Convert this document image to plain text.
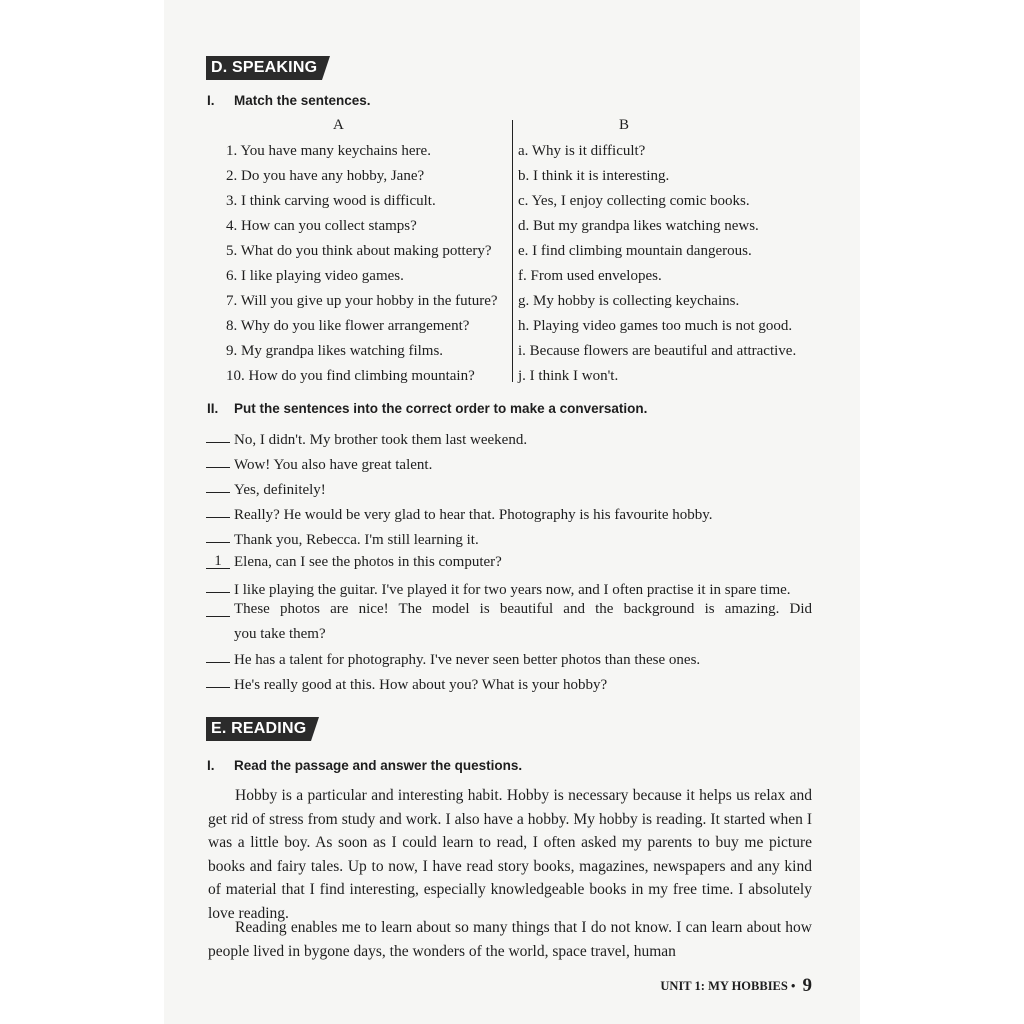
D. SPEAKING
I. Match the sentences.
A	B
1. You have many keychains here.	a. Why is it difficult?
2. Do you have any hobby, Jane?	b. I think it is interesting.
3. I think carving wood is difficult.	c. Yes, I enjoy collecting comic books.
4. How can you collect stamps?	d. But my grandpa likes watching news.
5. What do you think about making pottery? e. I find climbing mountain dangerous.
6. I like playing video games.	f. From used envelopes.
7. Will you give up your hobby in the future? g. My hobby is collecting keychains.
8. Why do you like flower arrangement?	h. Playing video games too much is not good.
9. My grandpa likes watching films.	i. Because flowers are beautiful and attractive.
10. How do you find climbing mountain?	j. I think I won't.
II. Put the sentences into the correct order to make a conversation.
No, I didn't. My brother took them last weekend.
Wow! You also have great talent.
Yes, definitely!
Really? He would be very glad to hear that. Photography is his favourite hobby.
Thank you, Rebecca. I'm still learning it.
1 Elena, can I see the photos in this computer?
I like playing the guitar. I've played it for two years now, and I often practise it in spare time.
These photos are nice! The model is beautiful and the background is amazing. Did
you take them?
He has a talent for photography. I've never seen better photos than these ones.
He's really good at this. How about you? What is your hobby?
E. READING
I. Read the passage and answer the questions.
Hobby is a particular and interesting habit. Hobby is necessary because it helps us relax and get rid of stress from study and work. I also have a hobby. My hobby is reading. It started when I was a little boy. As soon as I could learn to read, I often asked my parents to buy me picture books and fairy tales. Up to now, I have read story books, magazines, newspapers and any kind of material that I find interesting, especially knowledgeable books in my free time. I absolutely love reading.
Reading enables me to learn about so many things that I do not know. I can learn about how people lived in bygone days, the wonders of the world, space travel, human
UNIT 1: MY HOBBIES • 9
